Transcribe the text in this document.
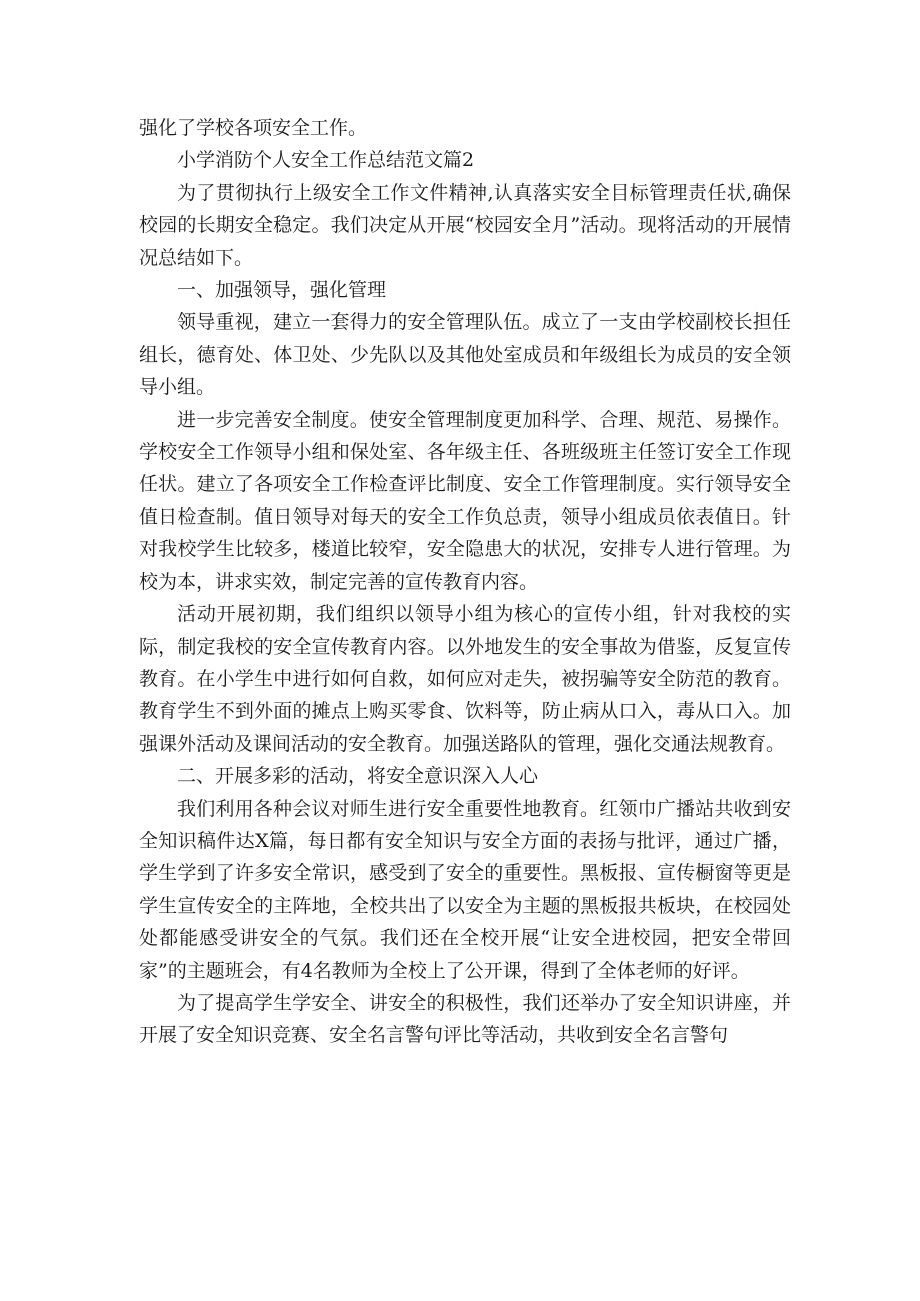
强化了学校各项安全工作。

小学消防个人安全工作总结范文篇2

为了贯彻执行上级安全工作文件精神,认真落实安全目标管理责任状,确保校园的长期安全稳定。我们决定从开展“校园安全月”活动。现将活动的开展情况总结如下。

一、加强领导，强化管理

领导重视，建立一套得力的安全管理队伍。成立了一支由学校副校长担任组长，德育处、体卫处、少先队以及其他处室成员和年级组长为成员的安全领导小组。

进一步完善安全制度。使安全管理制度更加科学、合理、规范、易操作。学校安全工作领导小组和保处室、各年级主任、各班级班主任签订安全工作现任状。建立了各项安全工作检查评比制度、安全工作管理制度。实行领导安全值日检查制。值日领导对每天的安全工作负总责，领导小组成员依表值日。针对我校学生比较多，楼道比较窄，安全隐患大的状况，安排专人进行管理。为校为本，讲求实效，制定完善的宣传教育内容。

活动开展初期，我们组织以领导小组为核心的宣传小组，针对我校的实际，制定我校的安全宣传教育内容。以外地发生的安全事故为借鉴，反复宣传教育。在小学生中进行如何自救，如何应对走失，被拐骗等安全防范的教育。教育学生不到外面的摊点上购买零食、饮料等，防止病从口入，毒从口入。加强课外活动及课间活动的安全教育。加强送路队的管理，强化交通法规教育。

二、开展多彩的活动，将安全意识深入人心

我们利用各种会议对师生进行安全重要性地教育。红领巾广播站共收到安全知识稿件达X篇，每日都有安全知识与安全方面的表扬与批评，通过广播，学生学到了许多安全常识，感受到了安全的重要性。黑板报、宣传橱窗等更是学生宣传安全的主阵地，全校共出了以安全为主题的黑板报共板块，在校园处处都能感受讲安全的气氛。我们还在全校开展“让安全进校园，把安全带回家”的主题班会，有4名教师为全校上了公开课，得到了全体老师的好评。

为了提高学生学安全、讲安全的积极性，我们还举办了安全知识讲座，并开展了安全知识竞赛、安全名言警句评比等活动，共收到安全名言警句
